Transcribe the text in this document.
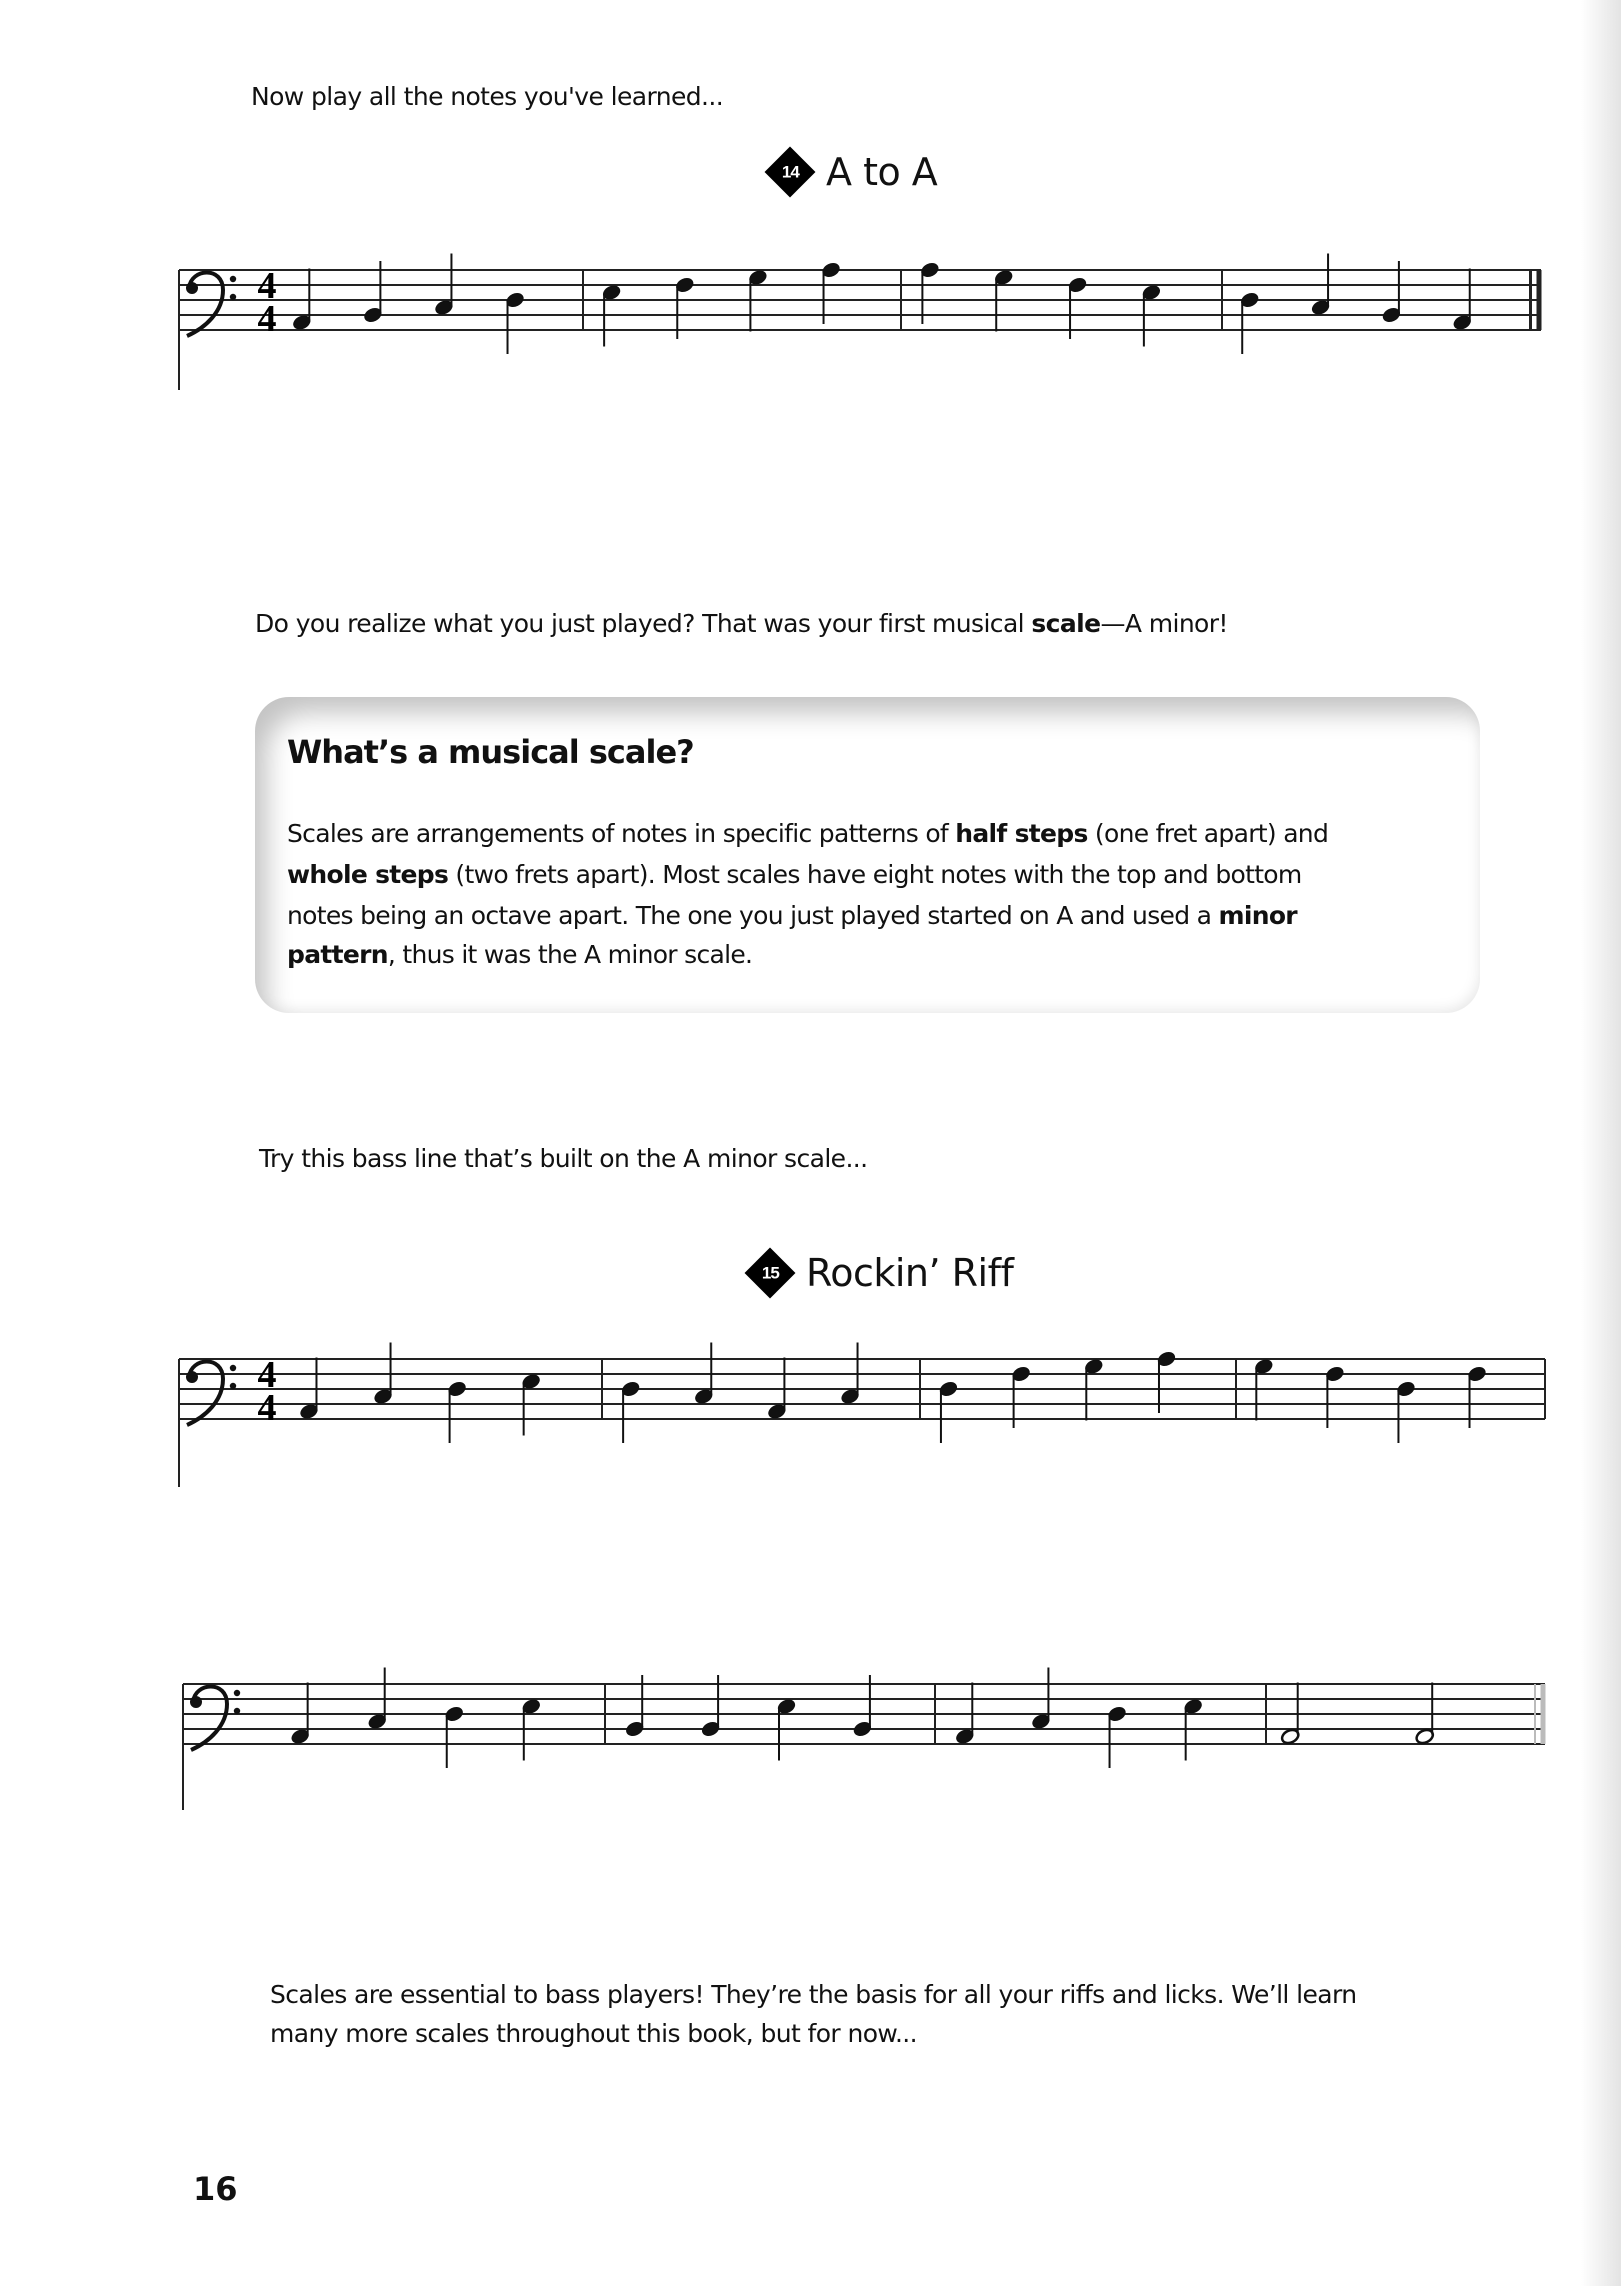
Now play all the notes you've learned...
14 A to A
Do you realize what you just played? That was your first musical scale—A minor!
What’s a musical scale?
Scales are arrangements of notes in specific patterns of half steps (one fret apart) and
whole steps (two frets apart). Most scales have eight notes with the top and bottom
notes being an octave apart. The one you just played started on A and used a minor
pattern, thus it was the A minor scale.
Try this bass line that’s built on the A minor scale...
15 Rockin’ Riff
Scales are essential to bass players! They’re the basis for all your riffs and licks. We’ll learn
many more scales throughout this book, but for now...
16
4
4
4
4
